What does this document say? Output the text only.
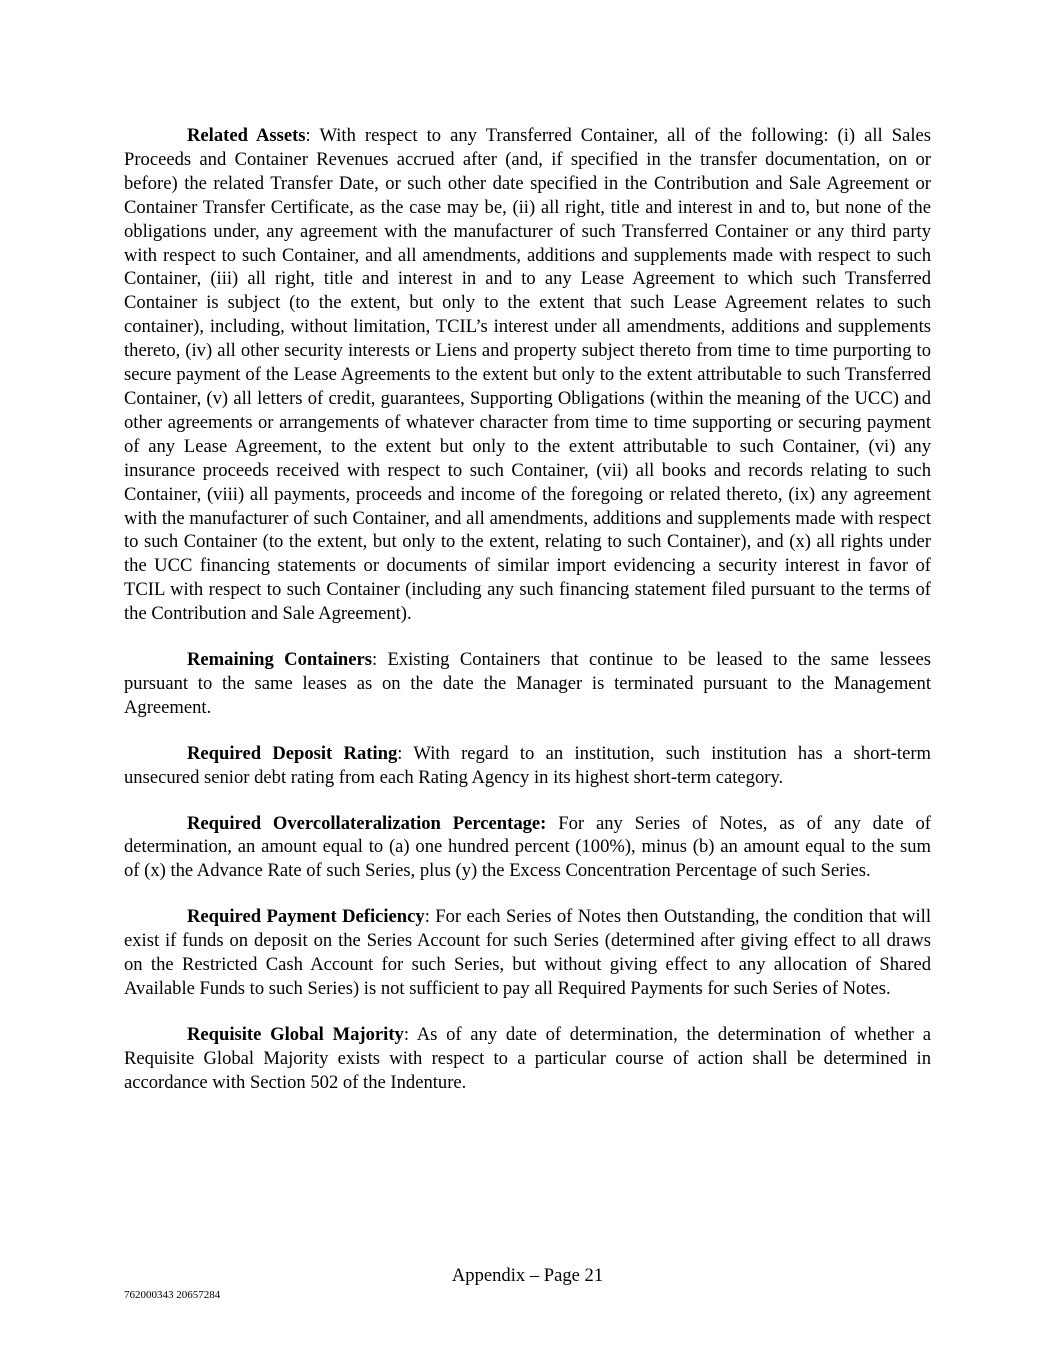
Related Assets: With respect to any Transferred Container, all of the following: (i) all Sales Proceeds and Container Revenues accrued after (and, if specified in the transfer documentation, on or before) the related Transfer Date, or such other date specified in the Contribution and Sale Agreement or Container Transfer Certificate, as the case may be, (ii) all right, title and interest in and to, but none of the obligations under, any agreement with the manufacturer of such Transferred Container or any third party with respect to such Container, and all amendments, additions and supplements made with respect to such Container, (iii) all right, title and interest in and to any Lease Agreement to which such Transferred Container is subject (to the extent, but only to the extent that such Lease Agreement relates to such container), including, without limitation, TCIL’s interest under all amendments, additions and supplements thereto, (iv) all other security interests or Liens and property subject thereto from time to time purporting to secure payment of the Lease Agreements to the extent but only to the extent attributable to such Transferred Container, (v) all letters of credit, guarantees, Supporting Obligations (within the meaning of the UCC) and other agreements or arrangements of whatever character from time to time supporting or securing payment of any Lease Agreement, to the extent but only to the extent attributable to such Container, (vi) any insurance proceeds received with respect to such Container, (vii) all books and records relating to such Container, (viii) all payments, proceeds and income of the foregoing or related thereto, (ix) any agreement with the manufacturer of such Container, and all amendments, additions and supplements made with respect to such Container (to the extent, but only to the extent, relating to such Container), and (x) all rights under the UCC financing statements or documents of similar import evidencing a security interest in favor of TCIL with respect to such Container (including any such financing statement filed pursuant to the terms of the Contribution and Sale Agreement).

Remaining Containers: Existing Containers that continue to be leased to the same lessees pursuant to the same leases as on the date the Manager is terminated pursuant to the Management Agreement.

Required Deposit Rating: With regard to an institution, such institution has a short-term unsecured senior debt rating from each Rating Agency in its highest short-term category.

Required Overcollateralization Percentage: For any Series of Notes, as of any date of determination, an amount equal to (a) one hundred percent (100%), minus (b) an amount equal to the sum of (x) the Advance Rate of such Series, plus (y) the Excess Concentration Percentage of such Series.

Required Payment Deficiency: For each Series of Notes then Outstanding, the condition that will exist if funds on deposit on the Series Account for such Series (determined after giving effect to all draws on the Restricted Cash Account for such Series, but without giving effect to any allocation of Shared Available Funds to such Series) is not sufficient to pay all Required Payments for such Series of Notes.

Requisite Global Majority: As of any date of determination, the determination of whether a Requisite Global Majority exists with respect to a particular course of action shall be determined in accordance with Section 502 of the Indenture.

Appendix – Page 21
762000343 20657284
